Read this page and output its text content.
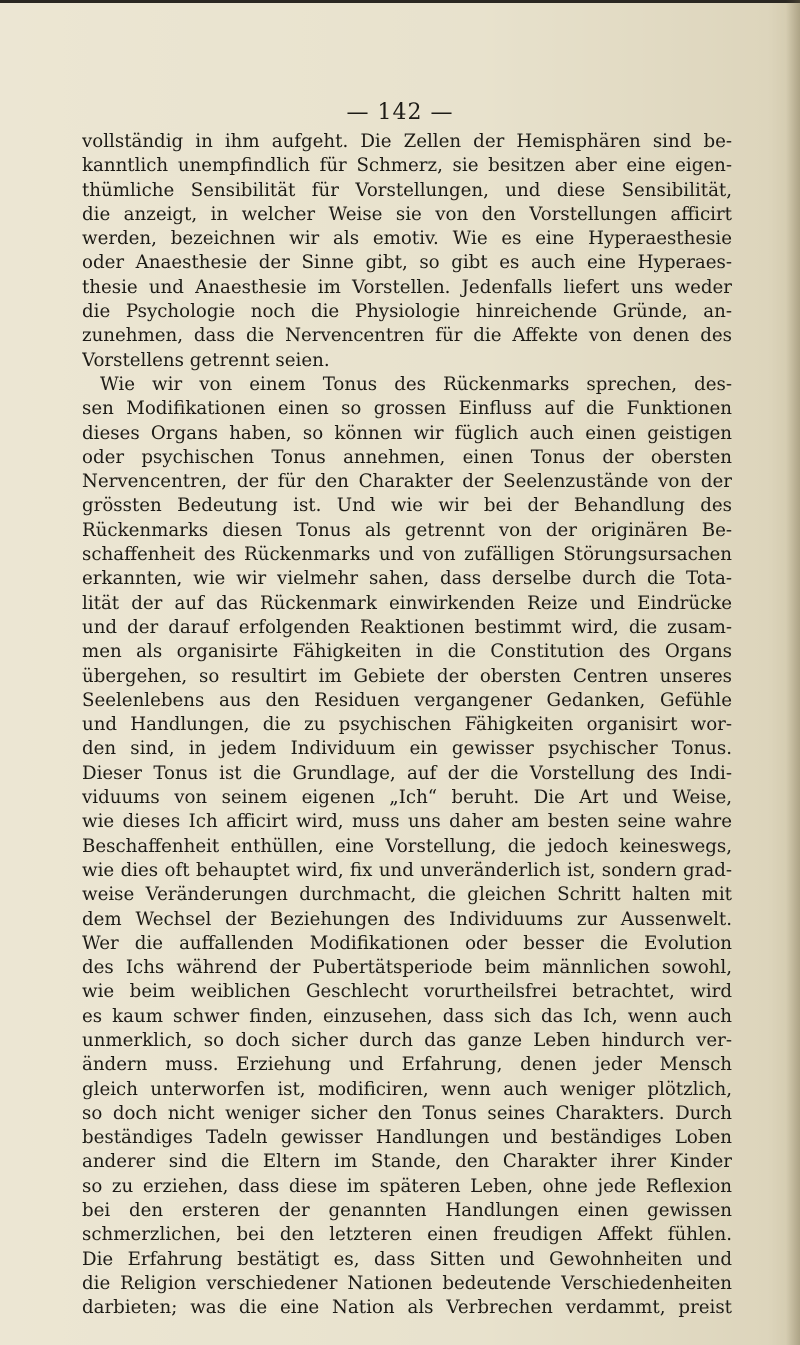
— 142 —
vollständig in ihm aufgeht. Die Zellen der Hemisphären sind be-
kanntlich unempfindlich für Schmerz, sie besitzen aber eine eigen-
thümliche Sensibilität für Vorstellungen, und diese Sensibilität,
die anzeigt, in welcher Weise sie von den Vorstellungen afficirt
werden, bezeichnen wir als emotiv. Wie es eine Hyperaesthesie
oder Anaesthesie der Sinne gibt, so gibt es auch eine Hyperaes-
thesie und Anaesthesie im Vorstellen. Jedenfalls liefert uns weder
die Psychologie noch die Physiologie hinreichende Gründe, an-
zunehmen, dass die Nervencentren für die Affekte von denen des
Vorstellens getrennt seien.
Wie wir von einem Tonus des Rückenmarks sprechen, des-
sen Modifikationen einen so grossen Einfluss auf die Funktionen
dieses Organs haben, so können wir füglich auch einen geistigen
oder psychischen Tonus annehmen, einen Tonus der obersten
Nervencentren, der für den Charakter der Seelenzustände von der
grössten Bedeutung ist. Und wie wir bei der Behandlung des
Rückenmarks diesen Tonus als getrennt von der originären Be-
schaffenheit des Rückenmarks und von zufälligen Störungsursachen
erkannten, wie wir vielmehr sahen, dass derselbe durch die Tota-
lität der auf das Rückenmark einwirkenden Reize und Eindrücke
und der darauf erfolgenden Reaktionen bestimmt wird, die zusam-
men als organisirte Fähigkeiten in die Constitution des Organs
übergehen, so resultirt im Gebiete der obersten Centren unseres
Seelenlebens aus den Residuen vergangener Gedanken, Gefühle
und Handlungen, die zu psychischen Fähigkeiten organisirt wor-
den sind, in jedem Individuum ein gewisser psychischer Tonus.
Dieser Tonus ist die Grundlage, auf der die Vorstellung des Indi-
viduums von seinem eigenen „Ich“ beruht. Die Art und Weise,
wie dieses Ich afficirt wird, muss uns daher am besten seine wahre
Beschaffenheit enthüllen, eine Vorstellung, die jedoch keineswegs,
wie dies oft behauptet wird, fix und unveränderlich ist, sondern grad-
weise Veränderungen durchmacht, die gleichen Schritt halten mit
dem Wechsel der Beziehungen des Individuums zur Aussenwelt.
Wer die auffallenden Modifikationen oder besser die Evolution
des Ichs während der Pubertätsperiode beim männlichen sowohl,
wie beim weiblichen Geschlecht vorurtheilsfrei betrachtet, wird
es kaum schwer finden, einzusehen, dass sich das Ich, wenn auch
unmerklich, so doch sicher durch das ganze Leben hindurch ver-
ändern muss. Erziehung und Erfahrung, denen jeder Mensch
gleich unterworfen ist, modificiren, wenn auch weniger plötzlich,
so doch nicht weniger sicher den Tonus seines Charakters. Durch
beständiges Tadeln gewisser Handlungen und beständiges Loben
anderer sind die Eltern im Stande, den Charakter ihrer Kinder
so zu erziehen, dass diese im späteren Leben, ohne jede Reflexion
bei den ersteren der genannten Handlungen einen gewissen
schmerzlichen, bei den letzteren einen freudigen Affekt fühlen.
Die Erfahrung bestätigt es, dass Sitten und Gewohnheiten und
die Religion verschiedener Nationen bedeutende Verschiedenheiten
darbieten; was die eine Nation als Verbrechen verdammt, preist
